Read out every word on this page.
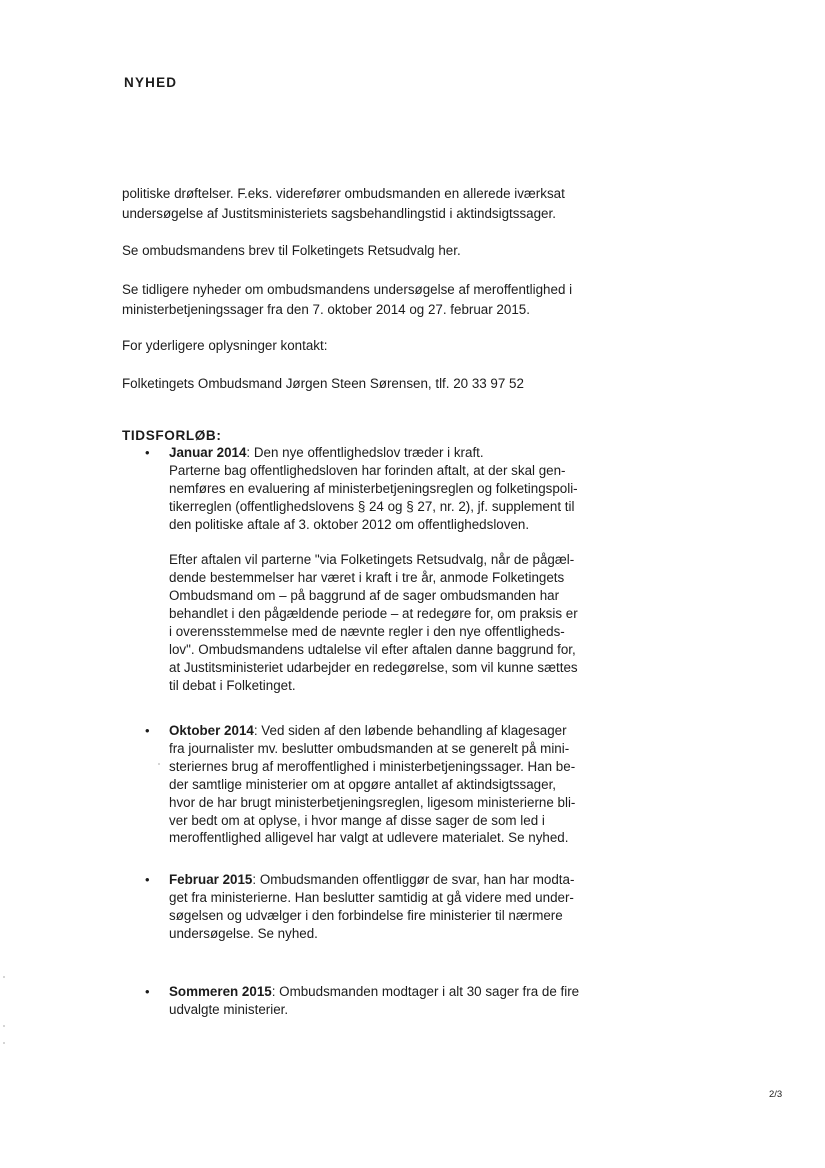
NYHED

politiske drøftelser. F.eks. viderefører ombudsmanden en allerede iværksat
undersøgelse af Justitsministeriets sagsbehandlingstid i aktindsigtssager.

Se ombudsmandens brev til Folketingets Retsudvalg her.

Se tidligere nyheder om ombudsmandens undersøgelse af meroffentlighed i
ministerbetjeningssager fra den 7. oktober 2014 og 27. februar 2015.

For yderligere oplysninger kontakt:

Folketingets Ombudsmand Jørgen Steen Sørensen, tlf. 20 33 97 52

TIDSFORLØB:
• Januar 2014: Den nye offentlighedslov træder i kraft.
Parterne bag offentlighedsloven har forinden aftalt, at der skal gen-
nemføres en evaluering af ministerbetjeningsreglen og folketingspoli-
tikerreglen (offentlighedslovens § 24 og § 27, nr. 2), jf. supplement til
den politiske aftale af 3. oktober 2012 om offentlighedsloven.

Efter aftalen vil parterne "via Folketingets Retsudvalg, når de pågæl-
dende bestemmelser har været i kraft i tre år, anmode Folketingets
Ombudsmand om – på baggrund af de sager ombudsmanden har
behandlet i den pågældende periode – at redegøre for, om praksis er
i overensstemmelse med de nævnte regler i den nye offentligheds-
lov". Ombudsmandens udtalelse vil efter aftalen danne baggrund for,
at Justitsministeriet udarbejder en redegørelse, som vil kunne sættes
til debat i Folketinget.

• Oktober 2014: Ved siden af den løbende behandling af klagesager
fra journalister mv. beslutter ombudsmanden at se generelt på mini-
steriernes brug af meroffentlighed i ministerbetjeningssager. Han be-
der samtlige ministerier om at opgøre antallet af aktindsigtssager,
hvor de har brugt ministerbetjeningsreglen, ligesom ministerierne bli-
ver bedt om at oplyse, i hvor mange af disse sager de som led i
meroffentlighed alligevel har valgt at udlevere materialet. Se nyhed.

• Februar 2015: Ombudsmanden offentliggør de svar, han har modta-
get fra ministerierne. Han beslutter samtidig at gå videre med under-
søgelsen og udvælger i den forbindelse fire ministerier til nærmere
undersøgelse. Se nyhed.

• Sommeren 2015: Ombudsmanden modtager i alt 30 sager fra de fire
udvalgte ministerier.

2/3
